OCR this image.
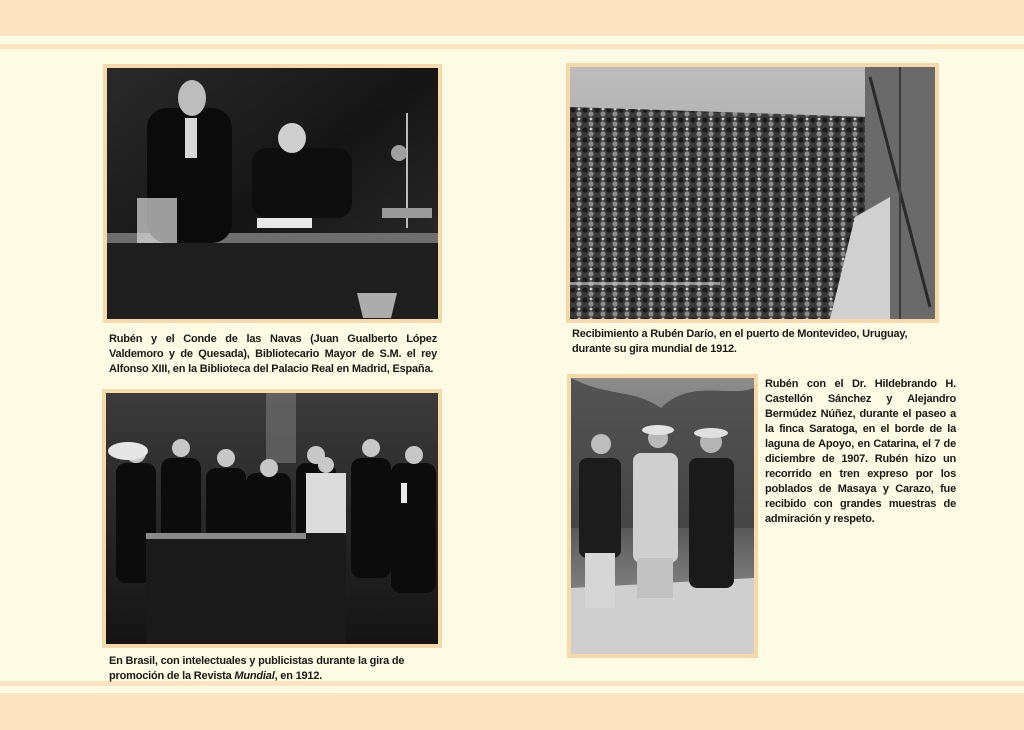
Rubén y el Conde de las Navas (Juan Gualberto López Valdemoro y de Quesada), Bibliotecario Mayor de S.M. el rey Alfonso XIII, en la Biblioteca del Palacio Real en Madrid, España.
Recibimiento a Rubén Darío, en el puerto de Montevideo, Uruguay, durante su gira mundial de 1912.
En Brasil, con intelectuales y publicistas durante la gira de promoción de la Revista Mundial, en 1912.
Rubén con el Dr. Hildebrando H. Castellón Sánchez y Alejandro Bermúdez Núñez, durante el paseo a la finca Saratoga, en el borde de la laguna de Apoyo, en Catarina, el 7 de diciembre de 1907. Rubén hizo un recorrido en tren expreso por los poblados de Masaya y Carazo, fue recibido con grandes muestras de admiración y respeto.
